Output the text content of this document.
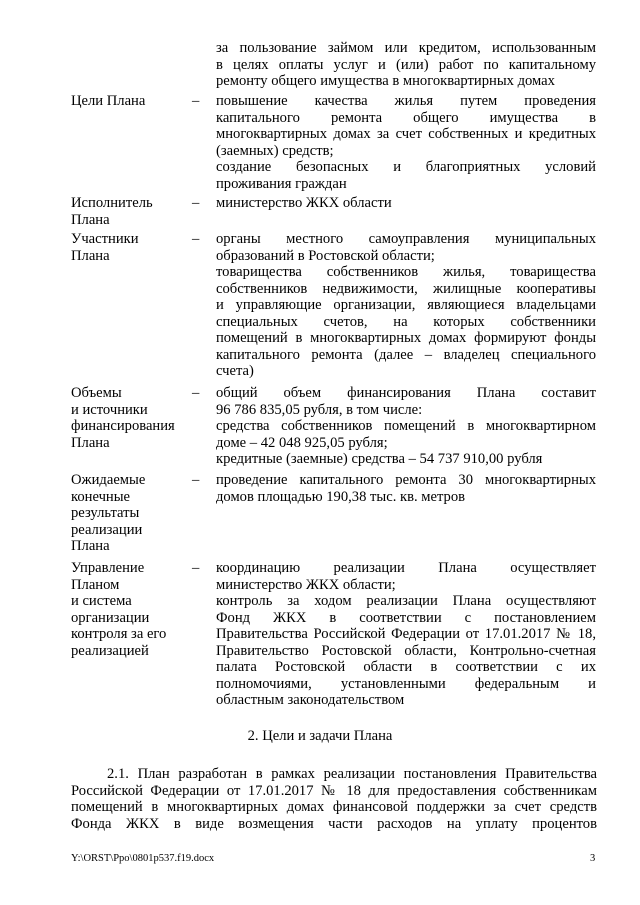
за пользование займом или кредитом, использованным

в целях оплаты услуг и (или) работ по капитальному

ремонту общего имущества в многоквартирных домах

Цели Плана	–	повышение качества жилья путем проведения

капитального ремонта общего имущества в

многоквартирных домах за счет собственных и кредитных

(заемных) средств;

создание безопасных и благоприятных условий

проживания граждан

Исполнитель
Плана
–	министерство ЖКХ области

Участники
Плана
–	органы местного самоуправления муниципальных

образований в Ростовской области;

товарищества собственников жилья, товарищества

собственников недвижимости, жилищные кооперативы

и управляющие организации, являющиеся владельцами

специальных счетов, на которых собственники

помещений в многоквартирных домах формируют фонды

капитального ремонта (далее – владелец специального

счета)

Объемы
и источники
финансирования
Плана
–	общий объем финансирования Плана составит

96 786 835,05 рубля, в том числе:

средства собственников помещений в многоквартирном

доме – 42 048 925,05 рубля;

кредитные (заемные) средства – 54 737 910,00 рубля

Ожидаемые
конечные
результаты
реализации
Плана
–	проведение капитального ремонта 30 многоквартирных

домов площадью 190,38 тыс. кв. метров

Управление
Планом
и система
организации
контроля за его
реализацией
–	координацию реализации Плана осуществляет

министерство ЖКХ области;

контроль за ходом реализации Плана осуществляют

Фонд ЖКХ в соответствии с постановлением

Правительства Российской Федерации от 17.01.2017 № 18,

Правительство Ростовской области, Контрольно-счетная

палата Ростовской области в соответствии с их

полномочиями, установленными федеральным и

областным законодательством

2. Цели и задачи Плана
2.1. План разработан в рамках реализации постановления Правительства
Российской Федерации от 17.01.2017 № 18 для предоставления собственникам
помещений в многоквартирных домах финансовой поддержки за счет средств
Фонда ЖКХ в виде возмещения части расходов на уплату процентов
Y:\ORST\Ppo\0801p537.f19.docx	3
